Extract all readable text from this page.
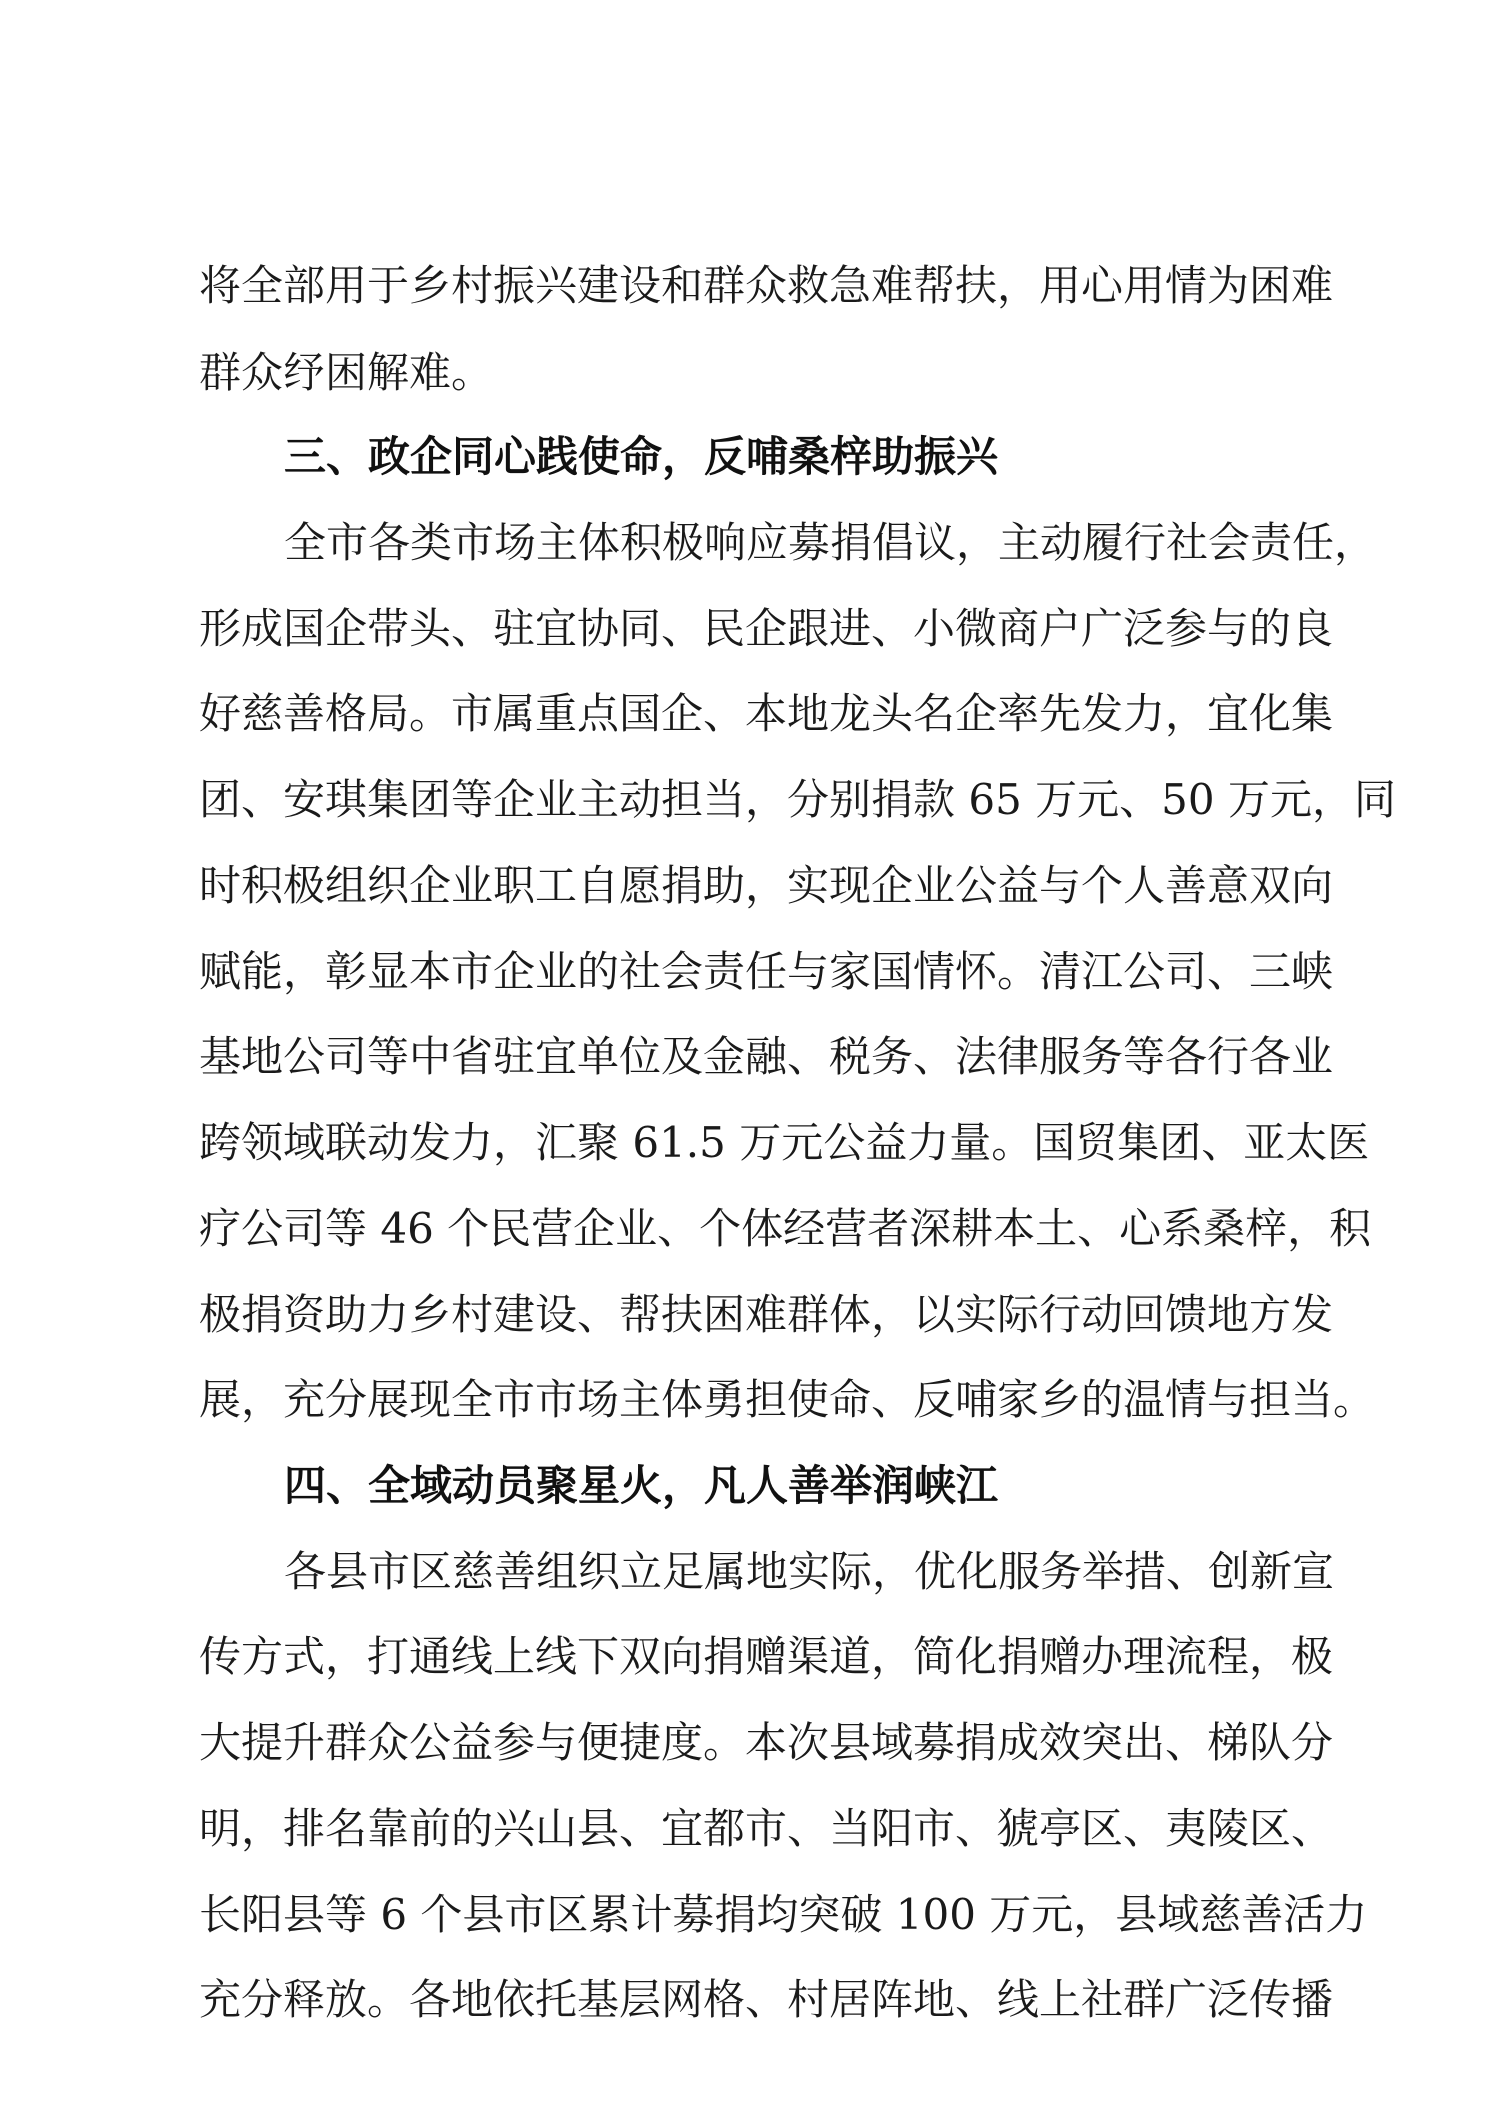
将全部用于乡村振兴建设和群众救急难帮扶，用心用情为困难
群众纾困解难。
三、政企同心践使命，反哺桑梓助振兴
全市各类市场主体积极响应募捐倡议，主动履行社会责任，
形成国企带头、驻宜协同、民企跟进、小微商户广泛参与的良
好慈善格局。市属重点国企、本地龙头名企率先发力，宜化集
团、安琪集团等企业主动担当，分别捐款 65 万元、50 万元，同
时积极组织企业职工自愿捐助，实现企业公益与个人善意双向
赋能，彰显本市企业的社会责任与家国情怀。清江公司、三峡
基地公司等中省驻宜单位及金融、税务、法律服务等各行各业
跨领域联动发力，汇聚 61.5 万元公益力量。国贸集团、亚太医
疗公司等 46 个民营企业、个体经营者深耕本土、心系桑梓，积
极捐资助力乡村建设、帮扶困难群体，以实际行动回馈地方发
展，充分展现全市市场主体勇担使命、反哺家乡的温情与担当。
四、全域动员聚星火，凡人善举润峡江
各县市区慈善组织立足属地实际，优化服务举措、创新宣
传方式，打通线上线下双向捐赠渠道，简化捐赠办理流程，极
大提升群众公益参与便捷度。本次县域募捐成效突出、梯队分
明，排名靠前的兴山县、宜都市、当阳市、猇亭区、夷陵区、
长阳县等 6 个县市区累计募捐均突破 100 万元，县域慈善活力
充分释放。各地依托基层网格、村居阵地、线上社群广泛传播
